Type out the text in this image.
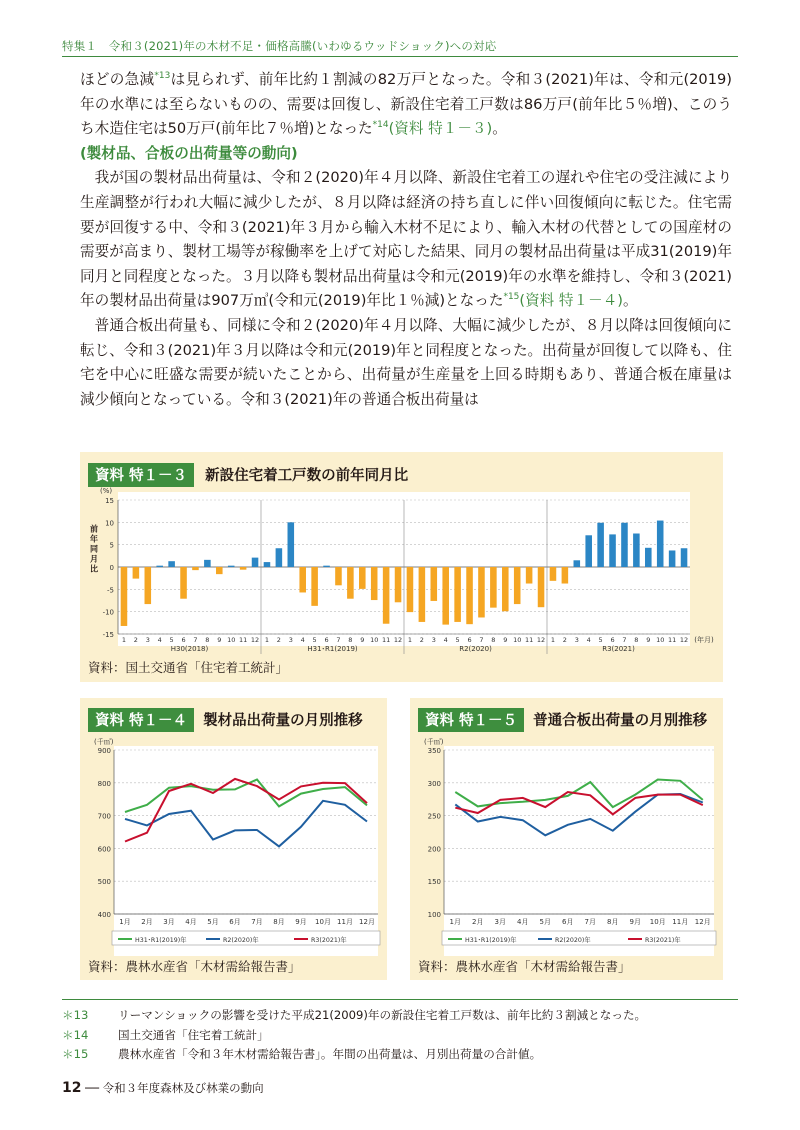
特集１　令和３(2021)年の木材不足・価格高騰(いわゆるウッドショック)への対応

ほどの急減$^{*13}$は見られず、前年比約１割減の82万戸となった。令和３(2021)年は、令和元(2019)年の水準には至らないものの、需要は回復し、新設住宅着工戸数は86万戸(前年比５％増)、このうち木造住宅は50万戸(前年比７％増)となった$^{*14}$(資料 特１－３)。

(製材品、合板の出荷量等の動向)

我が国の製材品出荷量は、令和２(2020)年４月以降、新設住宅着工の遅れや住宅の受注減により生産調整が行われ大幅に減少したが、８月以降は経済の持ち直しに伴い回復傾向に転じた。住宅需要が回復する中、令和３(2021)年３月から輸入木材不足により、輸入木材の代替としての国産材の需要が高まり、製材工場等が稼働率を上げて対応した結果、同月の製材品出荷量は平成31(2019)年同月と同程度となった。３月以降も製材品出荷量は令和元(2019)年の水準を維持し、令和３(2021)年の製材品出荷量は907万㎥(令和元(2019)年比１％減)となった$^{*15}$(資料 特１－４)。

普通合板出荷量も、同様に令和２(2020)年４月以降、大幅に減少したが、８月以降は回復傾向に転じ、令和３(2021)年３月以降は令和元(2019)年と同程度となった。出荷量が回復して以降も、住宅を中心に旺盛な需要が続いたことから、出荷量が生産量を上回る時期もあり、普通合板在庫量は減少傾向となっている。令和３(2021)年の普通合板出荷量は

資料 特１－３ 新設住宅着工戸数の前年同月比
15
10
5
0
-5
-10
-15
(%)
前
年
同
月
比
1 2 3 4 5 6 7 8 9 10 11 12 1 2 3 4 5 6 7 8 9 10 11 12 1 2 3 4 5 6 7 8 9 10 11 12 1 2 3 4 5 6 7 8 9 10 11 12
H30(2018)	H31･R1(2019)	R2(2020)	R3(2021)
(年月)
資料：国土交通省「住宅着工統計」
資料 特１－４ 製材品出荷量の月別推移
900
800
700
600
500
400
(千㎥)
1月 2月 3月 4月 5月 6月 7月 8月 9月 10月 11月 12月
H31･R1(2019)年	R2(2020)年	R3(2021)年
資料：農林水産省「木材需給報告書」
資料 特１－５ 普通合板出荷量の月別推移
350
300
250
200
150
100
(千㎥)
1月 2月 3月 4月 5月 6月 7月 8月 9月 10月 11月 12月
H31･R1(2019)年	R2(2020)年	R3(2021)年
資料：農林水産省「木材需給報告書」
＊13	リーマンショックの影響を受けた平成21(2009)年の新設住宅着工戸数は、前年比約３割減となった。
＊14	国土交通省「住宅着工統計」
＊15	農林水産省「令和３年木材需給報告書」。年間の出荷量は、月別出荷量の合計値。
12 ── 令和３年度森林及び林業の動向
